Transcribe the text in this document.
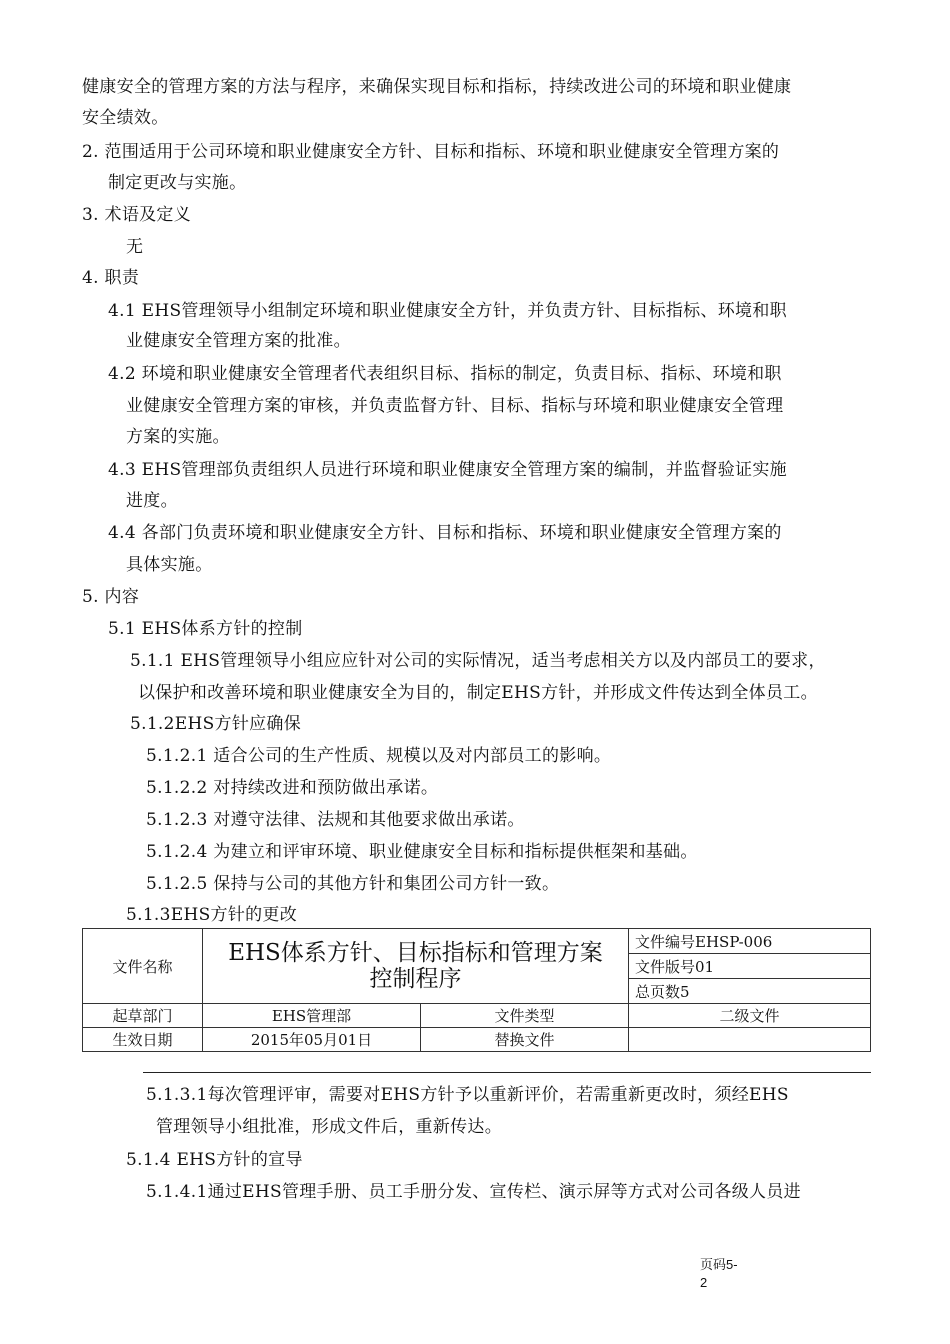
健康安全的管理方案的方法与程序，来确保实现目标和指标，持续改进公司的环境和职业健康
安全绩效。
2. 范围适用于公司环境和职业健康安全方针、目标和指标、环境和职业健康安全管理方案的
制定更改与实施。
3. 术语及定义
无
4. 职责
4.1 EHS管理领导小组制定环境和职业健康安全方针，并负责方针、目标指标、环境和职
业健康安全管理方案的批准。
4.2 环境和职业健康安全管理者代表组织目标、指标的制定，负责目标、指标、环境和职
业健康安全管理方案的审核，并负责监督方针、目标、指标与环境和职业健康安全管理
方案的实施。
4.3 EHS管理部负责组织人员进行环境和职业健康安全管理方案的编制，并监督验证实施
进度。
4.4 各部门负责环境和职业健康安全方针、目标和指标、环境和职业健康安全管理方案的
具体实施。
5. 内容
5.1 EHS体系方针的控制
5.1.1 EHS管理领导小组应应针对公司的实际情况，适当考虑相关方以及内部员工的要求，
以保护和改善环境和职业健康安全为目的，制定EHS方针，并形成文件传达到全体员工。
5.1.2EHS方针应确保
5.1.2.1 适合公司的生产性质、规模以及对内部员工的影响。
5.1.2.2 对持续改进和预防做出承诺。
5.1.2.3 对遵守法律、法规和其他要求做出承诺。
5.1.2.4 为建立和评审环境、职业健康安全目标和指标提供框架和基础。
5.1.2.5 保持与公司的其他方针和集团公司方针一致。
5.1.3EHS方针的更改
文件名称	EHS体系方针、目标指标和管理方案
控制程序		文件编号EHSP-006
			文件版号01
			总页数5
起草部门	EHS管理部	文件类型	二级文件
生效日期	2015年05月01日	替换文件	
5.1.3.1每次管理评审，需要对EHS方针予以重新评价，若需重新更改时，须经EHS
管理领导小组批准，形成文件后，重新传达。
5.1.4 EHS方针的宣导
5.1.4.1通过EHS管理手册、员工手册分发、宣传栏、演示屏等方式对公司各级人员进
页码5-
2
